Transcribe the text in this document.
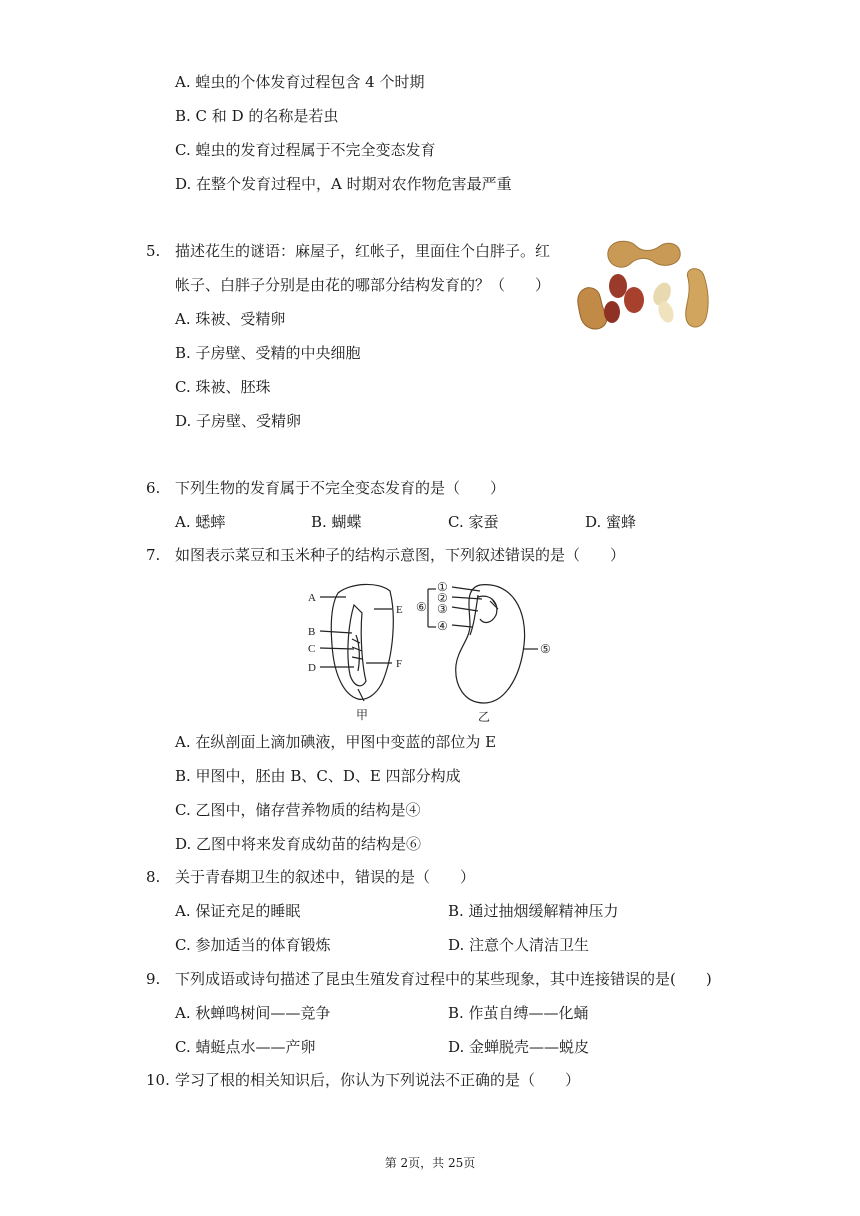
A. 蝗虫的个体发育过程包含 4 个时期
B. C 和 D 的名称是若虫
C. 蝗虫的发育过程属于不完全变态发育
D. 在整个发育过程中，A 时期对农作物危害最严重
5. 描述花生的谜语：麻屋子，红帐子，里面住个白胖子。红
帐子、白胖子分别是由花的哪部分结构发育的？（　　）
A. 珠被、受精卵
B. 子房壁、受精的中央细胞
C. 珠被、胚珠
D. 子房壁、受精卵
6. 下列生物的发育属于不完全变态发育的是（　　）
A. 蟋蟀	B. 蝴蝶	C. 家蚕	D. 蜜蜂
7. 如图表示菜豆和玉米种子的结构示意图，下列叙述错误的是（　　）
A
B
C
D
E
F
甲
①
②
③
④
⑥
⑤
乙
A. 在纵剖面上滴加碘液，甲图中变蓝的部位为 E
B. 甲图中，胚由 B、C、D、E 四部分构成
C. 乙图中，储存营养物质的结构是④
D. 乙图中将来发育成幼苗的结构是⑥
8. 关于青春期卫生的叙述中，错误的是（　　）
A. 保证充足的睡眠	B. 通过抽烟缓解精神压力
C. 参加适当的体育锻炼	D. 注意个人清洁卫生
9. 下列成语或诗句描述了昆虫生殖发育过程中的某些现象，其中连接错误的是(　　)
A. 秋蝉鸣树间——竞争	B. 作茧自缚——化蛹
C. 蜻蜓点水——产卵	D. 金蝉脱壳——蜕皮
10. 学习了根的相关知识后，你认为下列说法不正确的是（　　）
第 2页，共 25页
